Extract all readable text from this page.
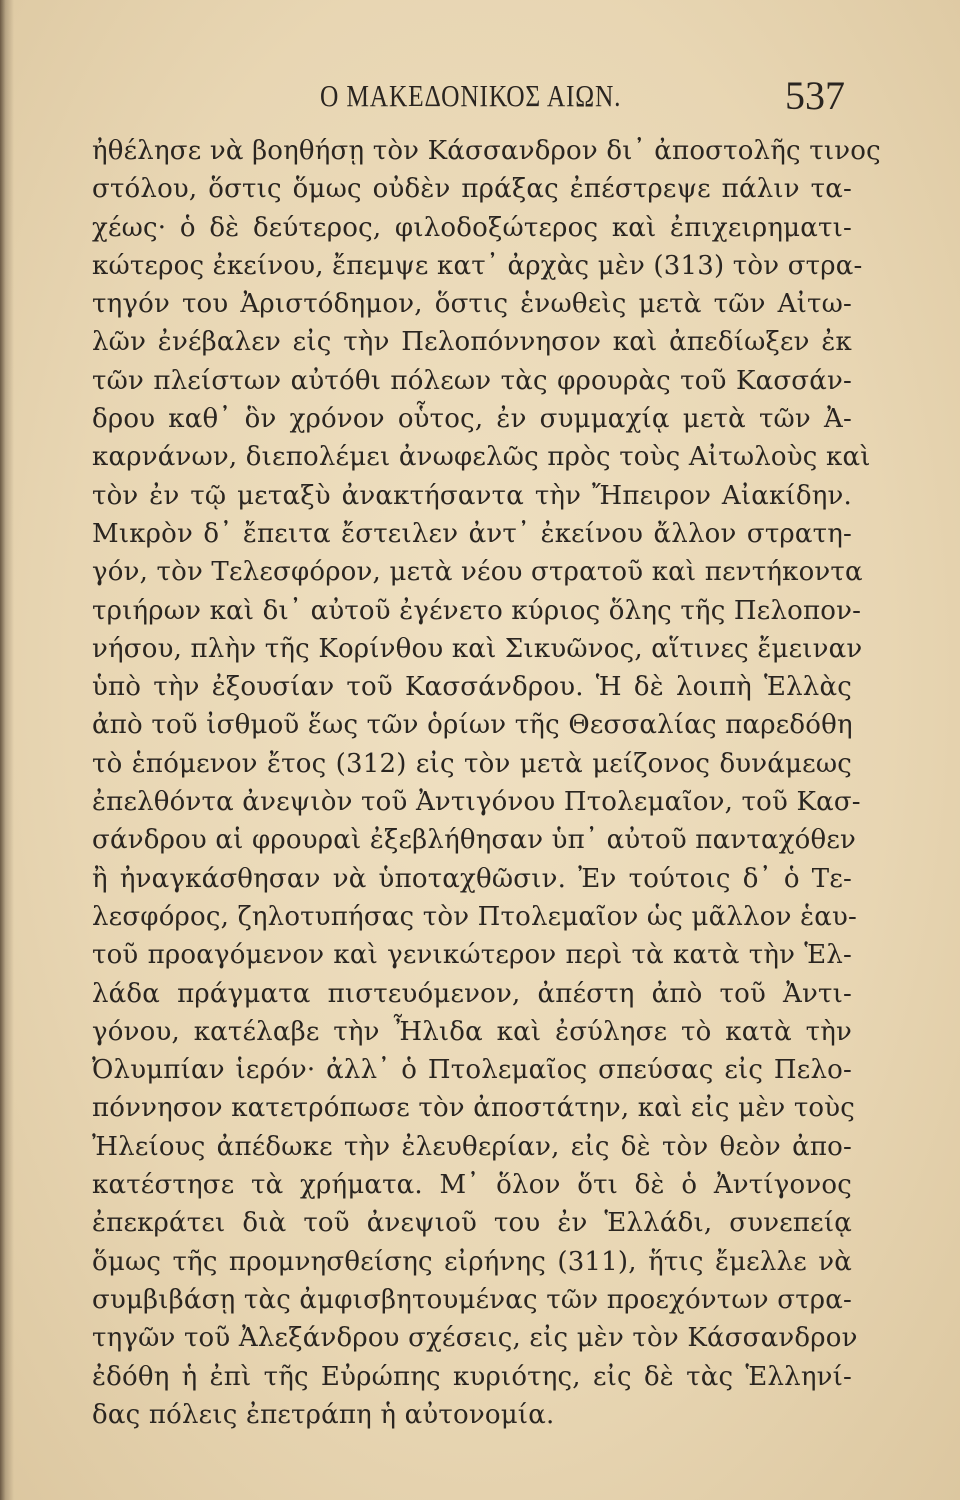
Ο ΜΑΚΕΔΟΝΙΚΟΣ ΑΙΩΝ.	537
ἠθέλησε νὰ βοηθήσῃ τὸν Κάσσανδρον δι᾽ ἀποστολῆς τινος
στόλου, ὅστις ὅμως οὐδὲν πράξας ἐπέστρεψε πάλιν τα-
χέως· ὁ δὲ δεύτερος, φιλοδοξώτερος καὶ ἐπιχειρηματι-
κώτερος ἐκείνου, ἔπεμψε κατ᾽ ἀρχὰς μὲν (313) τὸν στρα-
τηγόν του Ἀριστόδημον, ὅστις ἑνωθεὶς μετὰ τῶν Αἰτω-
λῶν ἐνέβαλεν εἰς τὴν Πελοπόννησον καὶ ἀπεδίωξεν ἐκ
τῶν πλείστων αὐτόθι πόλεων τὰς φρουρὰς τοῦ Κασσάν-
δρου καθ᾽ ὃν χρόνον οὗτος, ἐν συμμαχίᾳ μετὰ τῶν Ἀ-
καρνάνων, διεπολέμει ἀνωφελῶς πρὸς τοὺς Αἰτωλοὺς καὶ
τὸν ἐν τῷ μεταξὺ ἀνακτήσαντα τὴν Ἤπειρον Αἰακίδην.
Μικρὸν δ᾽ ἔπειτα ἔστειλεν ἀντ᾽ ἐκείνου ἄλλον στρατη-
γόν, τὸν Τελεσφόρον, μετὰ νέου στρατοῦ καὶ πεντήκοντα
τριήρων καὶ δι᾽ αὐτοῦ ἐγένετο κύριος ὅλης τῆς Πελοπον-
νήσου, πλὴν τῆς Κορίνθου καὶ Σικυῶνος, αἵτινες ἔμειναν
ὑπὸ τὴν ἐξουσίαν τοῦ Κασσάνδρου. Ἡ δὲ λοιπὴ Ἑλλὰς
ἀπὸ τοῦ ἰσθμοῦ ἕως τῶν ὁρίων τῆς Θεσσαλίας παρεδόθη
τὸ ἑπόμενον ἔτος (312) εἰς τὸν μετὰ μείζονος δυνάμεως
ἐπελθόντα ἀνεψιὸν τοῦ Ἀντιγόνου Πτολεμαῖον, τοῦ Κασ-
σάνδρου αἱ φρουραὶ ἐξεβλήθησαν ὑπ᾽ αὐτοῦ πανταχόθεν
ἢ ἠναγκάσθησαν νὰ ὑποταχθῶσιν. Ἐν τούτοις δ᾽ ὁ Τε-
λεσφόρος, ζηλοτυπήσας τὸν Πτολεμαῖον ὡς μᾶλλον ἑαυ-
τοῦ προαγόμενον καὶ γενικώτερον περὶ τὰ κατὰ τὴν Ἑλ-
λάδα πράγματα πιστευόμενον, ἀπέστη ἀπὸ τοῦ Ἀντι-
γόνου, κατέλαβε τὴν Ἦλιδα καὶ ἐσύλησε τὸ κατὰ τὴν
Ὀλυμπίαν ἱερόν· ἀλλ᾽ ὁ Πτολεμαῖος σπεύσας εἰς Πελο-
πόννησον κατετρόπωσε τὸν ἀποστάτην, καὶ εἰς μὲν τοὺς
Ἠλείους ἀπέδωκε τὴν ἐλευθερίαν, εἰς δὲ τὸν θεὸν ἀπο-
κατέστησε τὰ χρήματα. Μ᾽ ὅλον ὅτι δὲ ὁ Ἀντίγονος
ἐπεκράτει διὰ τοῦ ἀνεψιοῦ του ἐν Ἑλλάδι, συνεπείᾳ
ὅμως τῆς προμνησθείσης εἰρήνης (311), ἥτις ἔμελλε νὰ
συμβιβάσῃ τὰς ἀμφισβητουμένας τῶν προεχόντων στρα-
τηγῶν τοῦ Ἀλεξάνδρου σχέσεις, εἰς μὲν τὸν Κάσσανδρον
ἐδόθη ἡ ἐπὶ τῆς Εὐρώπης κυριότης, εἰς δὲ τὰς Ἑλληνί-
δας πόλεις ἐπετράπη ἡ αὐτονομία.
